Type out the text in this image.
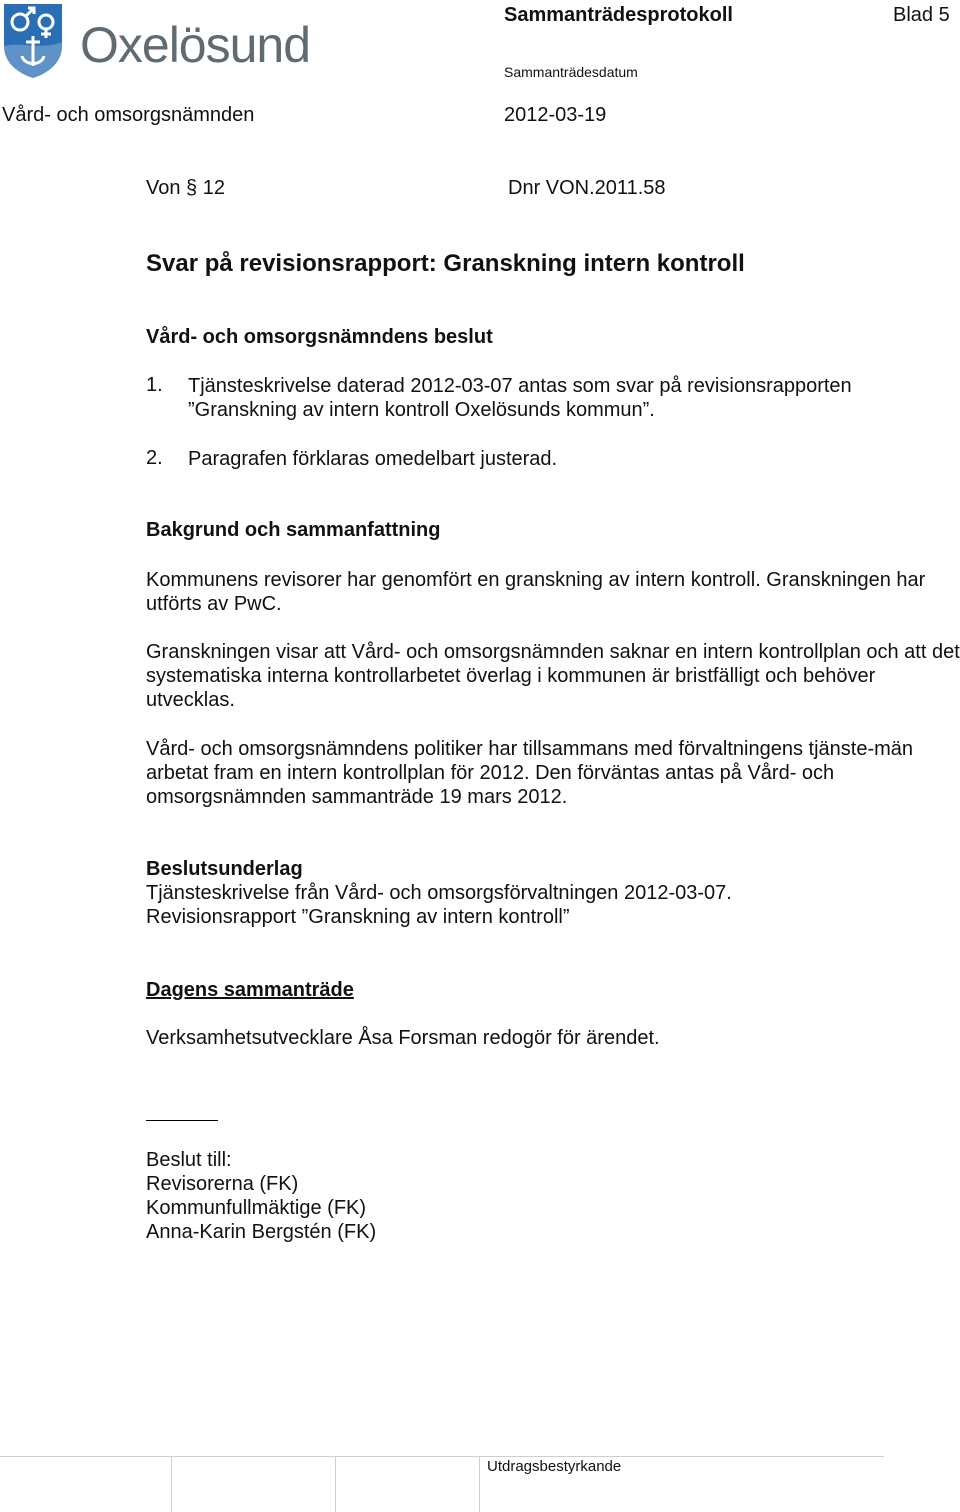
Oxelösund
Sammanträdesprotokoll	Blad 5
Sammanträdesdatum
Vård- och omsorgsnämnden	2012-03-19
Von § 12	Dnr VON.2011.58
Svar på revisionsrapport: Granskning intern kontroll
Vård- och omsorgsnämndens beslut
1. Tjänsteskrivelse daterad 2012-03-07 antas som svar på revisionsrapporten ”Granskning av intern kontroll Oxelösunds kommun”.
2. Paragrafen förklaras omedelbart justerad.
Bakgrund och sammanfattning
Kommunens revisorer har genomfört en granskning av intern kontroll. Granskningen har utförts av PwC.
Granskningen visar att Vård- och omsorgsnämnden saknar en intern kontrollplan och att det systematiska interna kontrollarbetet överlag i kommunen är bristfälligt och behöver utvecklas.
Vård- och omsorgsnämndens politiker har tillsammans med förvaltningens tjänste-män arbetat fram en intern kontrollplan för 2012. Den förväntas antas på Vård- och omsorgsnämnden sammanträde 19 mars 2012.
Beslutsunderlag
Tjänsteskrivelse från Vård- och omsorgsförvaltningen 2012-03-07.
Revisionsrapport ”Granskning av intern kontroll”
Dagens sammanträde
Verksamhetsutvecklare Åsa Forsman redogör för ärendet.
Beslut till:
Revisorerna (FK)
Kommunfullmäktige (FK)
Anna-Karin Bergstén (FK)
Utdragsbestyrkande
